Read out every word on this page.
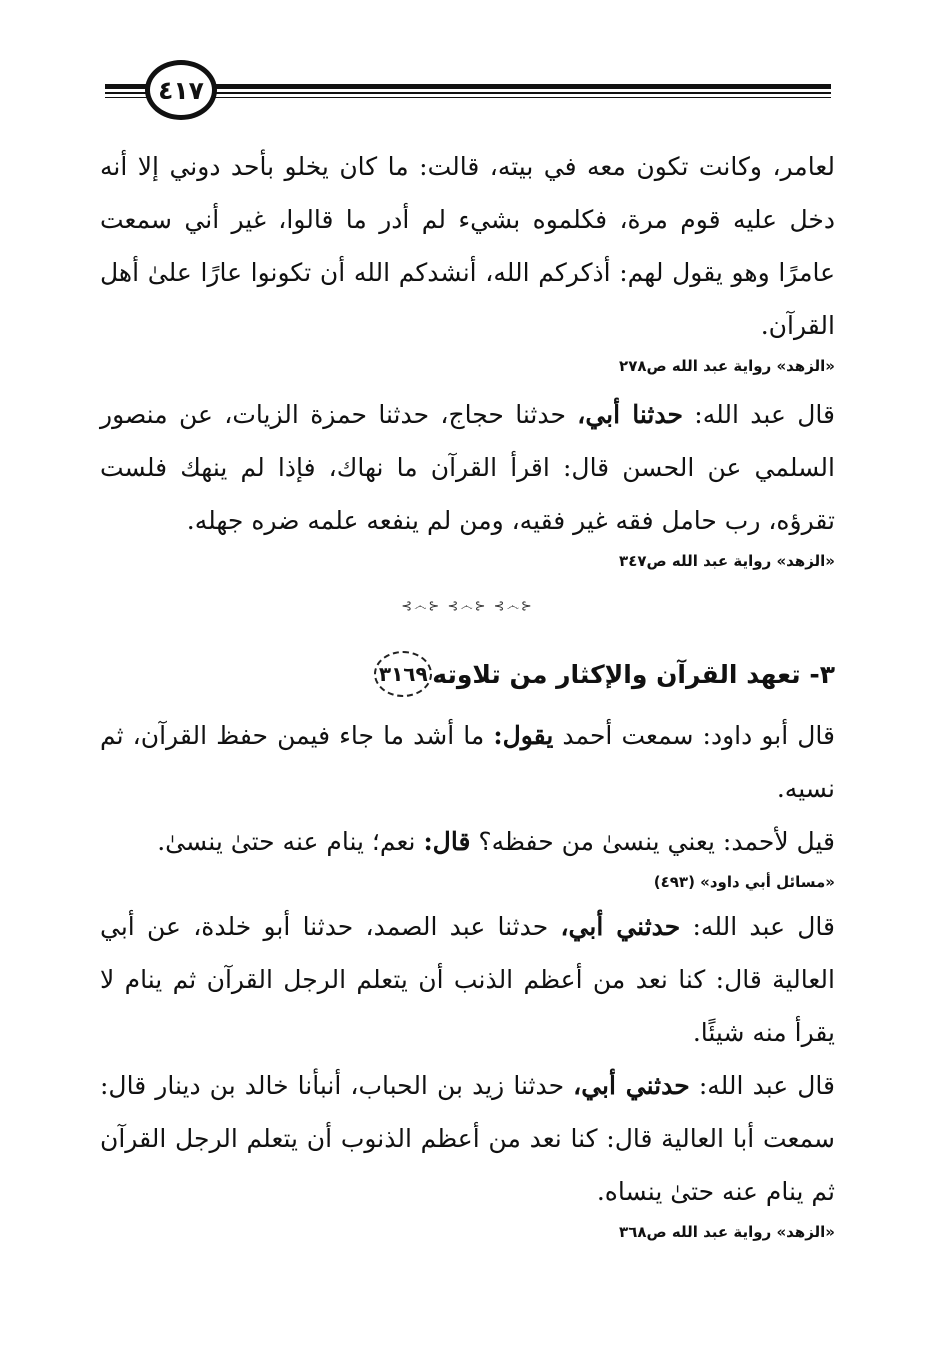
٤١٧

لعامر، وكانت تكون معه في بيته، قالت: ما كان يخلو بأحد دوني إلا أنه دخل عليه قوم مرة، فكلموه بشيء لم أدر ما قالوا، غير أني سمعت عامرًا وهو يقول لهم: أذكركم الله، أنشدكم الله أن تكونوا عارًا علىٰ أهل القرآن.

«الزهد» رواية عبد الله ص٢٧٨

قال عبد الله: حدثنا أبي، حدثنا حجاج، حدثنا حمزة الزيات، عن منصور السلمي عن الحسن قال: اقرأ القرآن ما نهاك، فإذا لم ينهك فلست تقرؤه، رب حامل فقه غير فقيه، ومن لم ينفعه علمه ضره جهله.

«الزهد» رواية عبد الله ص٣٤٧
⊰෴⊱ ⊰෴⊱ ⊰෴⊱
٣- تعهد القرآن والإكثار من تلاوته
٣١٦٩

قال أبو داود: سمعت أحمد يقول: ما أشد ما جاء فيمن حفظ القرآن، ثم نسيه.

قيل لأحمد: يعني ينسىٰ من حفظه؟ قال: نعم؛ ينام عنه حتىٰ ينسىٰ.

«مسائل أبي داود» (٤٩٣)

قال عبد الله: حدثني أبي، حدثنا عبد الصمد، حدثنا أبو خلدة، عن أبي العالية قال: كنا نعد من أعظم الذنب أن يتعلم الرجل القرآن ثم ينام لا يقرأ منه شيئًا.

قال عبد الله: حدثني أبي، حدثنا زيد بن الحباب، أنبأنا خالد بن دينار قال: سمعت أبا العالية قال: كنا نعد من أعظم الذنوب أن يتعلم الرجل القرآن ثم ينام عنه حتىٰ ينساه.

«الزهد» رواية عبد الله ص٣٦٨
